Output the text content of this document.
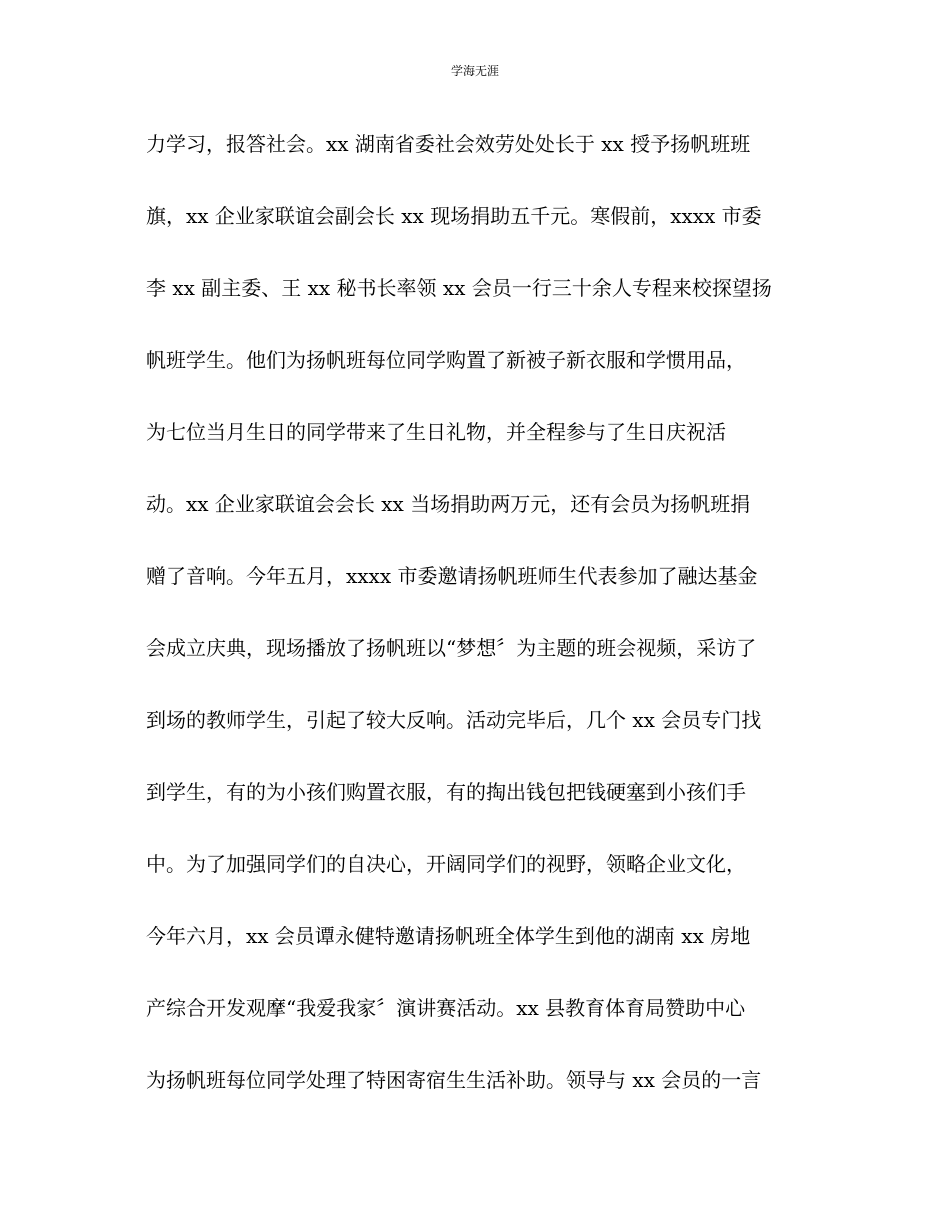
学海无涯
力学习，报答社会。xx 湖南省委社会效劳处处长于 xx 授予扬帆班班
旗，xx 企业家联谊会副会长 xx 现场捐助五千元。寒假前，xxxx 市委
李 xx 副主委、王 xx 秘书长率领 xx 会员一行三十余人专程来校探望扬
帆班学生。他们为扬帆班每位同学购置了新被子新衣服和学惯用品，
为七位当月生日的同学带来了生日礼物，并全程参与了生日庆祝活
动。xx 企业家联谊会会长 xx 当场捐助两万元，还有会员为扬帆班捐
赠了音响。今年五月，xxxx 市委邀请扬帆班师生代表参加了融达基金
会成立庆典，现场播放了扬帆班以“梦想〞为主题的班会视频，采访了
到场的教师学生，引起了较大反响。活动完毕后，几个 xx 会员专门找
到学生，有的为小孩们购置衣服，有的掏出钱包把钱硬塞到小孩们手
中。为了加强同学们的自决心，开阔同学们的视野，领略企业文化，
今年六月，xx 会员谭永健特邀请扬帆班全体学生到他的湖南 xx 房地
产综合开发观摩“我爱我家〞演讲赛活动。xx 县教育体育局赞助中心
为扬帆班每位同学处理了特困寄宿生生活补助。领导与 xx 会员的一言
